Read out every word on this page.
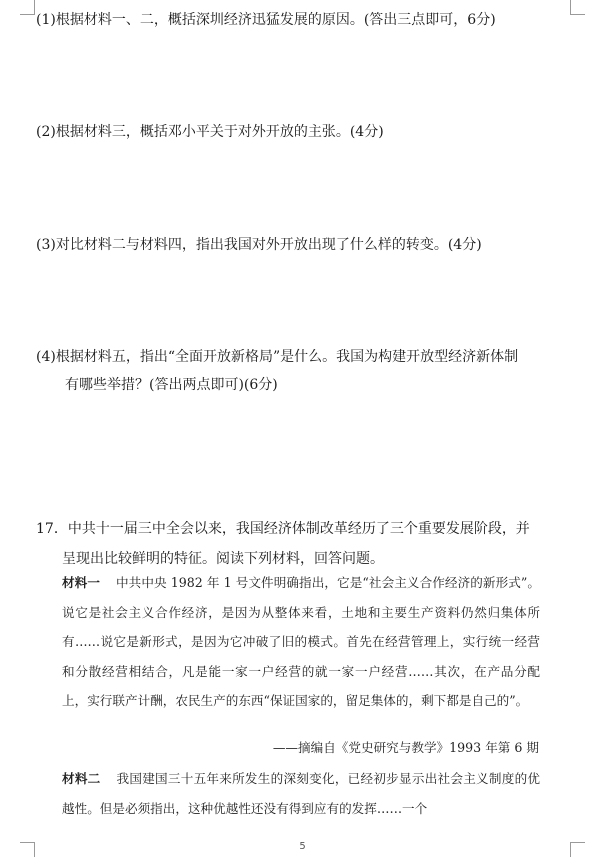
(1)根据材料一、二，概括深圳经济迅猛发展的原因。(答出三点即可，6分)
(2)根据材料三，概括邓小平关于对外开放的主张。(4分)
(3)对比材料二与材料四，指出我国对外开放出现了什么样的转变。(4分)
(4)根据材料五，指出“全面开放新格局”是什么。我国为构建开放型经济新体制
有哪些举措？(答出两点即可)(6分)
17．中共十一届三中全会以来，我国经济体制改革经历了三个重要发展阶段，并
呈现出比较鲜明的特征。阅读下列材料，回答问题。
材料一 中共中央 1982 年 1 号文件明确指出，它是“社会主义合作经济的新形式”。说它是社会主义合作经济，是因为从整体来看，土地和主要生产资料仍然归集体所有……说它是新形式，是因为它冲破了旧的模式。首先在经营管理上，实行统一经营和分散经营相结合，凡是能一家一户经营的就一家一户经营……其次，在产品分配上，实行联产计酬，农民生产的东西“保证国家的，留足集体的，剩下都是自己的”。
——摘编自《党史研究与教学》1993 年第 6 期
材料二 我国建国三十五年来所发生的深刻变化，已经初步显示出社会主义制度的优越性。但是必须指出，这种优越性还没有得到应有的发挥……一个
5
